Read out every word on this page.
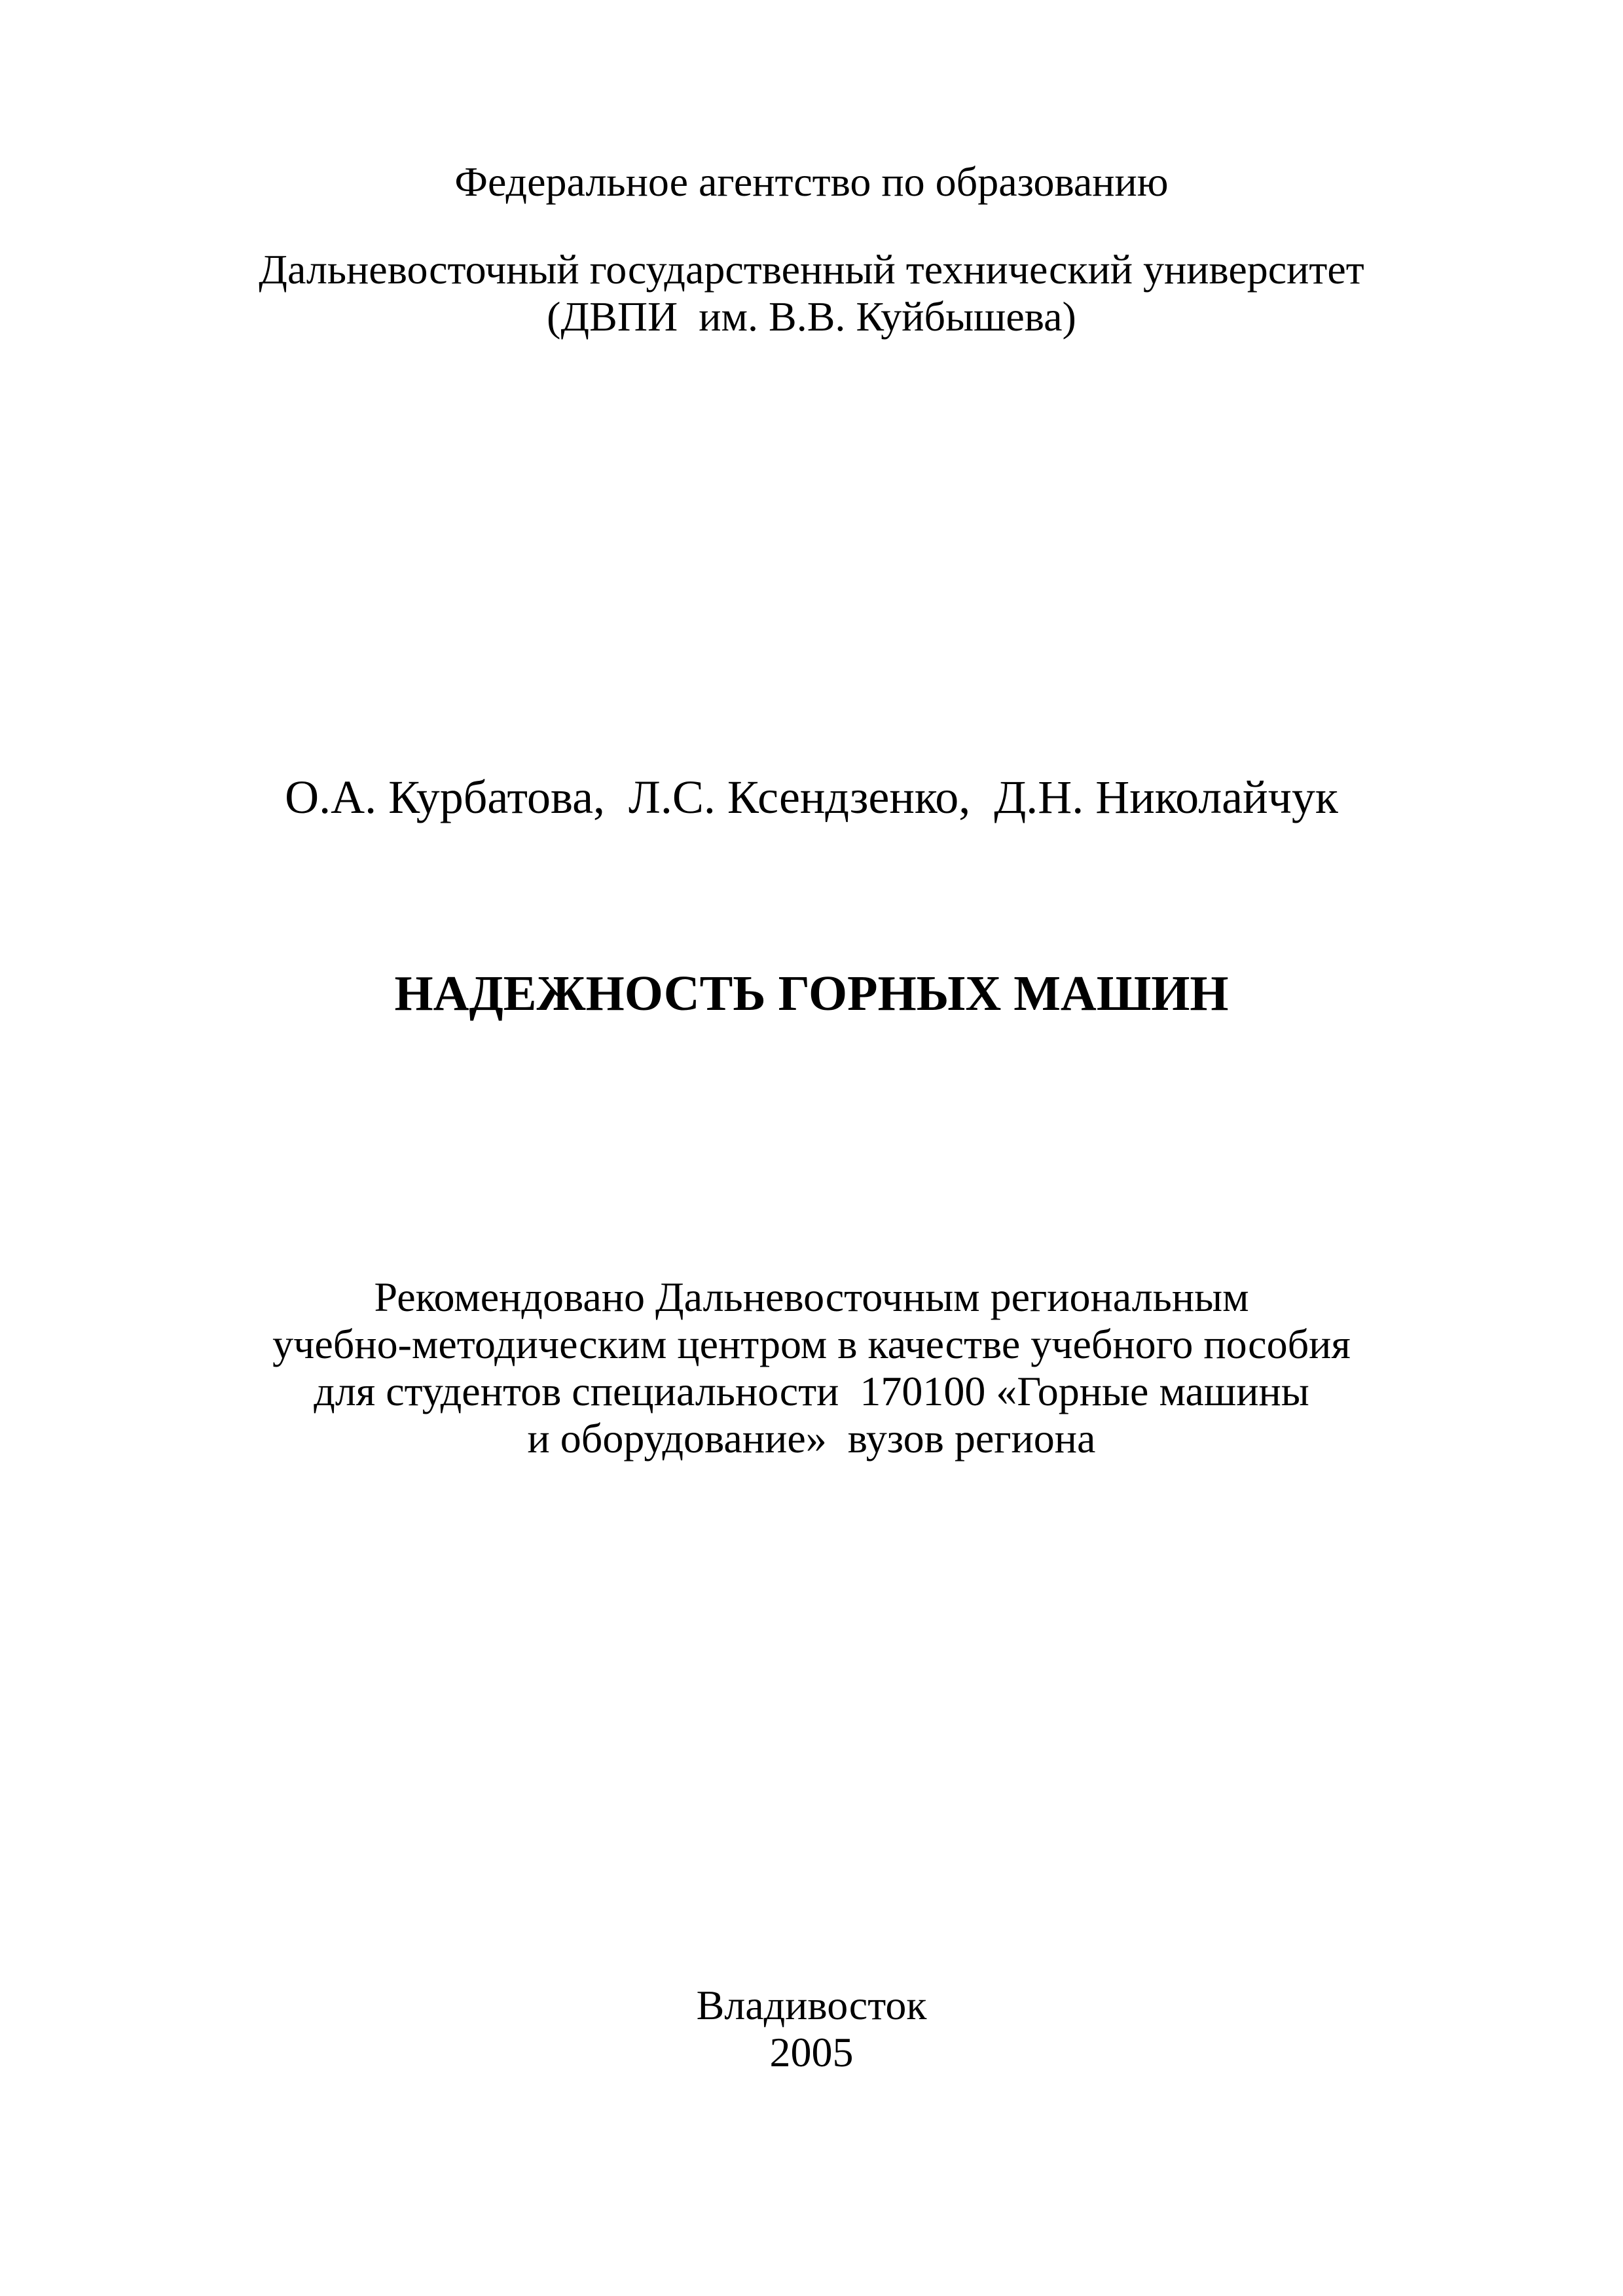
Федеральное агентство по образованию
Дальневосточный государственный технический университет
(ДВПИ  им. В.В. Куйбышева)
О.А. Курбатова,  Л.С. Ксендзенко,  Д.Н. Николайчук
НАДЕЖНОСТЬ ГОРНЫХ МАШИН
Рекомендовано Дальневосточным региональным
учебно-методическим центром в качестве учебного пособия
для студентов специальности  170100 «Горные машины
и оборудование»  вузов региона
Владивосток
2005
